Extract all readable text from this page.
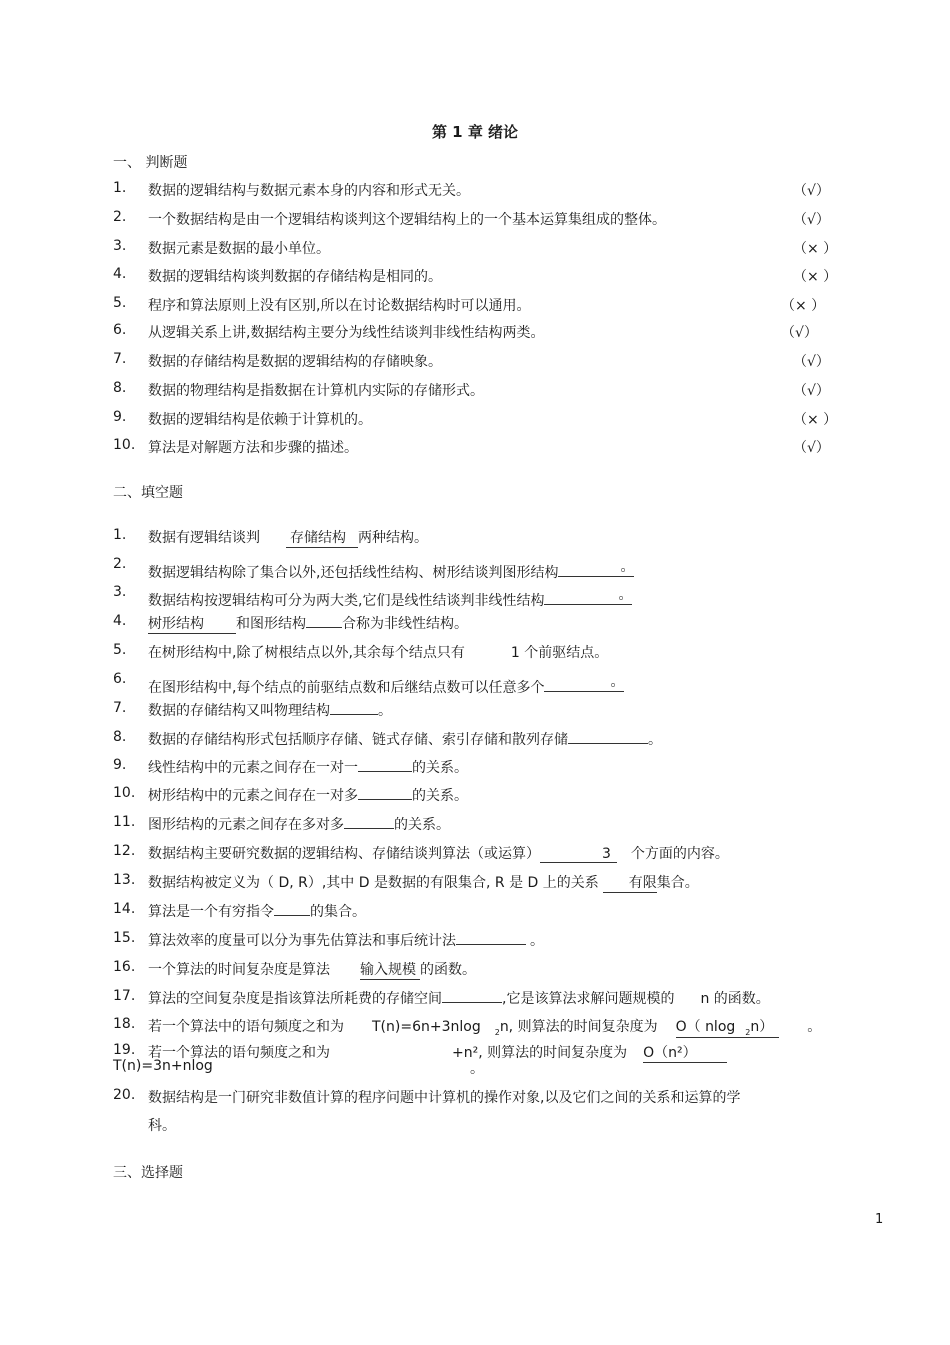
第 1 章 绪论
一、 判断题
1.	数据的逻辑结构与数据元素本身的内容和形式无关。	（√）
2.	一个数据结构是由一个逻辑结构谈判这个逻辑结构上的一个基本运算集组成的整体。	（√）
3.	数据元素是数据的最小单位。	（× ）
4.	数据的逻辑结构谈判数据的存储结构是相同的。	（× ）
5.	程序和算法原则上没有区别,所以在讨论数据结构时可以通用。	（× ）
6.	从逻辑关系上讲,数据结构主要分为线性结谈判非线性结构两类。	（√）
7.	数据的存储结构是数据的逻辑结构的存储映象。	（√）
8.	数据的物理结构是指数据在计算机内实际的存储形式。	（√）
9.	数据的逻辑结构是依赖于计算机的。	（× ）
10. 算法是对解题方法和步骤的描述。	（√）
二、填空题
1.	数据有逻辑结谈判 存储结构 两种结构。
2.
数据逻辑结构除了集合以外,还包括线性结构、树形结谈判图形结构	。
3.
数据结构按逻辑结构可分为两大类,它们是线性结谈判非线性结构	。
4.	树形结构 和图形结构	合称为非线性结构。
5.	在树形结构中,除了树根结点以外,其余每个结点只有	1 个前驱结点。
6.
在图形结构中,每个结点的前驱结点数和后继结点数可以任意多个	。
7.	数据的存储结构又叫物理结构	。
8.	数据的存储结构形式包括顺序存储、链式存储、索引存储和散列存储	。
9.	线性结构中的元素之间存在一对一	的关系。
10. 树形结构中的元素之间存在一对多	的关系。
11. 图形结构的元素之间存在多对多	的关系。
12. 数据结构主要研究数据的逻辑结构、存储结谈判算法（或运算）	3 个方面的内容。
13. 数据结构被定义为（ D, R）,其中 D 是数据的有限集合, R 是 D 上的关系 有限集合。
14. 算法是一个有穷指令	的集合。
15. 算法效率的度量可以分为事先估算法和事后统计法	。
16. 一个算法的时间复杂度是算法 输入规模 的函数。
17. 算法的空间复杂度是指该算法所耗费的存储空间	,它是该算法求解问题规模的 n 的函数。
18. 若一个算法中的语句频度之和为 T(n)=6n+3nlog $_2$n, 则算法的时间复杂度为 O（ nlog $_2$n） 。
19. 若一个算法的语句频度之和为	+n², 则算法的时间复杂度为 O（n²）
T(n)=3n+nlog	。
20. 数据结构是一门研究非数值计算的程序问题中计算机的操作对象,以及它们之间的关系和运算的学
科。
三、选择题
1
